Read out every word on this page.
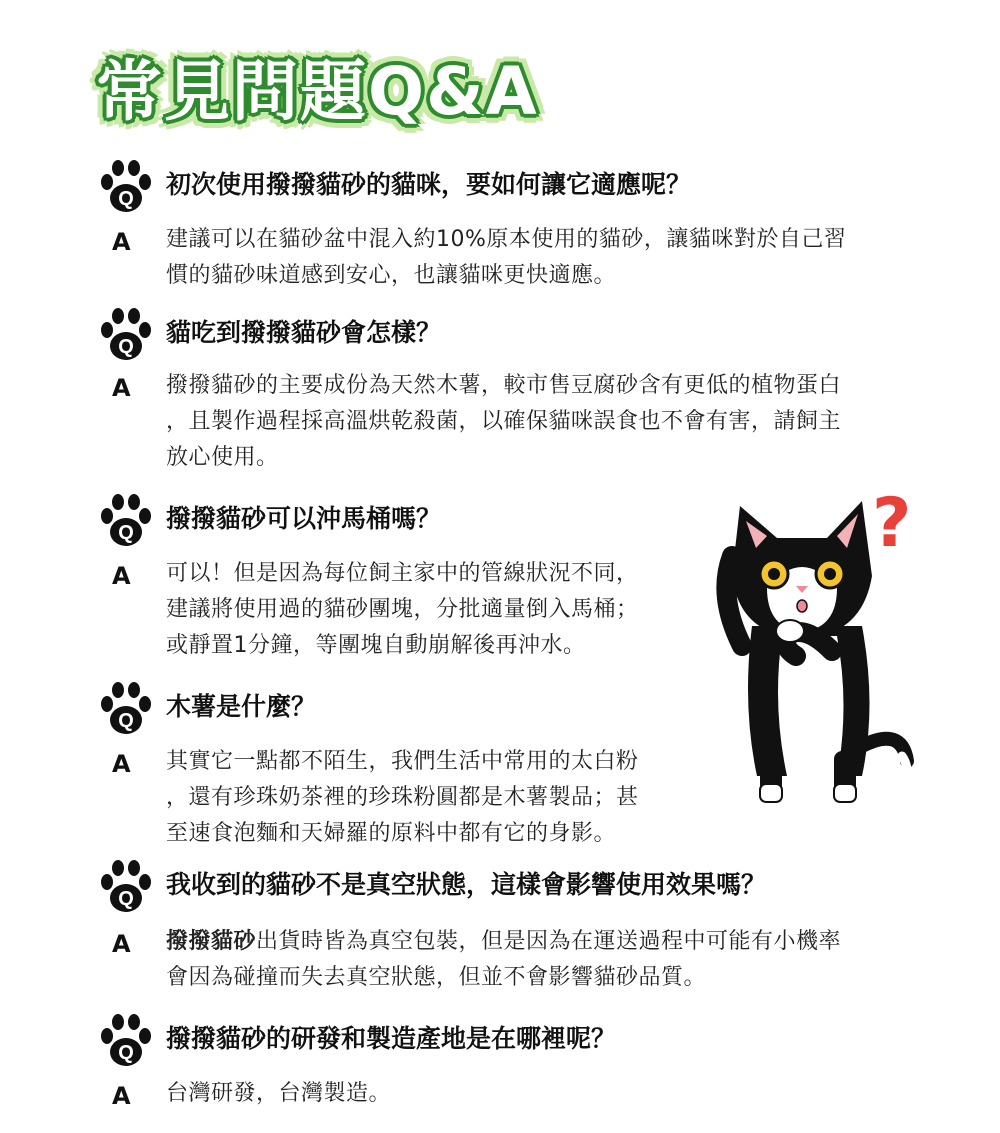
常見問題Q&A
Q 初次使用撥撥貓砂的貓咪，要如何讓它適應呢？
A 建議可以在貓砂盆中混入約10%原本使用的貓砂，讓貓咪對於自己習
慣的貓砂味道感到安心，也讓貓咪更快適應。
Q 貓吃到撥撥貓砂會怎樣？
A 撥撥貓砂的主要成份為天然木薯，較市售豆腐砂含有更低的植物蛋白
，且製作過程採高溫烘乾殺菌，以確保貓咪誤食也不會有害，請飼主
放心使用。
Q 撥撥貓砂可以沖馬桶嗎？
A 可以！但是因為每位飼主家中的管線狀況不同，
建議將使用過的貓砂團塊，分批適量倒入馬桶；
或靜置1分鐘，等團塊自動崩解後再沖水。
Q 木薯是什麼？
A 其實它一點都不陌生，我們生活中常用的太白粉
，還有珍珠奶茶裡的珍珠粉圓都是木薯製品；甚
至速食泡麵和天婦羅的原料中都有它的身影。
Q 我收到的貓砂不是真空狀態，這樣會影響使用效果嗎？
A 撥撥貓砂出貨時皆為真空包裝，但是因為在運送過程中可能有小機率
會因為碰撞而失去真空狀態，但並不會影響貓砂品質。
Q 撥撥貓砂的研發和製造產地是在哪裡呢？
A 台灣研發，台灣製造。
?
